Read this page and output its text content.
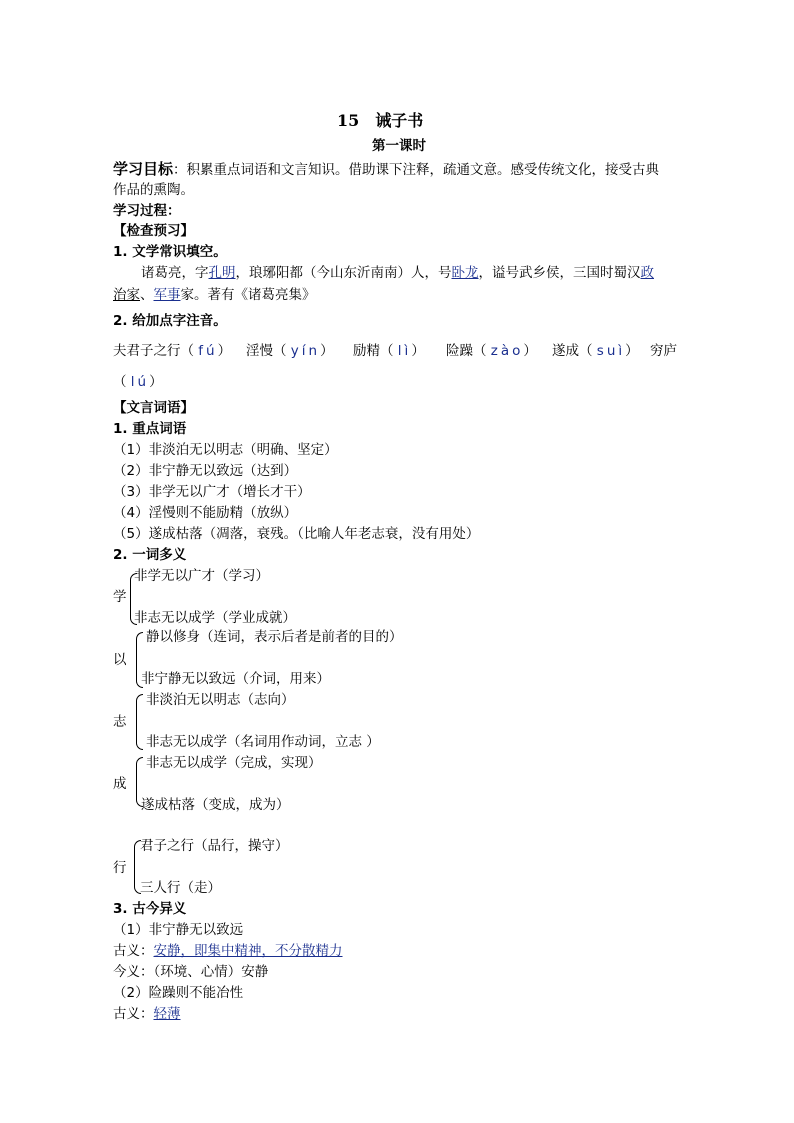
15　诫子书
第一课时
学习目标：积累重点词语和文言知识。借助课下注释，疏通文意。感受传统文化，接受古典
作品的熏陶。
学习过程：
【检查预习】
1. 文学常识填空。
诸葛亮，字孔明，琅琊阳都（今山东沂南南）人，号卧龙，谥号武乡侯，三国时蜀汉政
治家、军事家。著有《诸葛亮集》
2. 给加点字注音。
夫君子之行（ fú） 淫慢（ yín） 励精（ lì） 险躁（ zào） 遂成（ suì） 穷庐
（ lú）
【文言词语】
1. 重点词语
（1）非淡泊无以明志（明确、坚定）
（2）非宁静无以致远（达到）
（3）非学无以广才（增长才干）
（4）淫慢则不能励精（放纵）
（5）遂成枯落（凋落，衰残。（比喻人年老志衰，没有用处）
2. 一词多义
学
非学无以广才（学习）
非志无以成学（学业成就）
以
静以修身（连词，表示后者是前者的目的）
非宁静无以致远（介词，用来）
志
非淡泊无以明志（志向）
非志无以成学（名词用作动词，立志 ）
成
非志无以成学（完成，实现）
遂成枯落（变成，成为）
行
君子之行（品行，操守）
三人行（走）
3. 古今异义
（1）非宁静无以致远
古义：安静，即集中精神，不分散精力
今义：（环境、心情）安静
（2）险躁则不能冶性
古义：轻薄
